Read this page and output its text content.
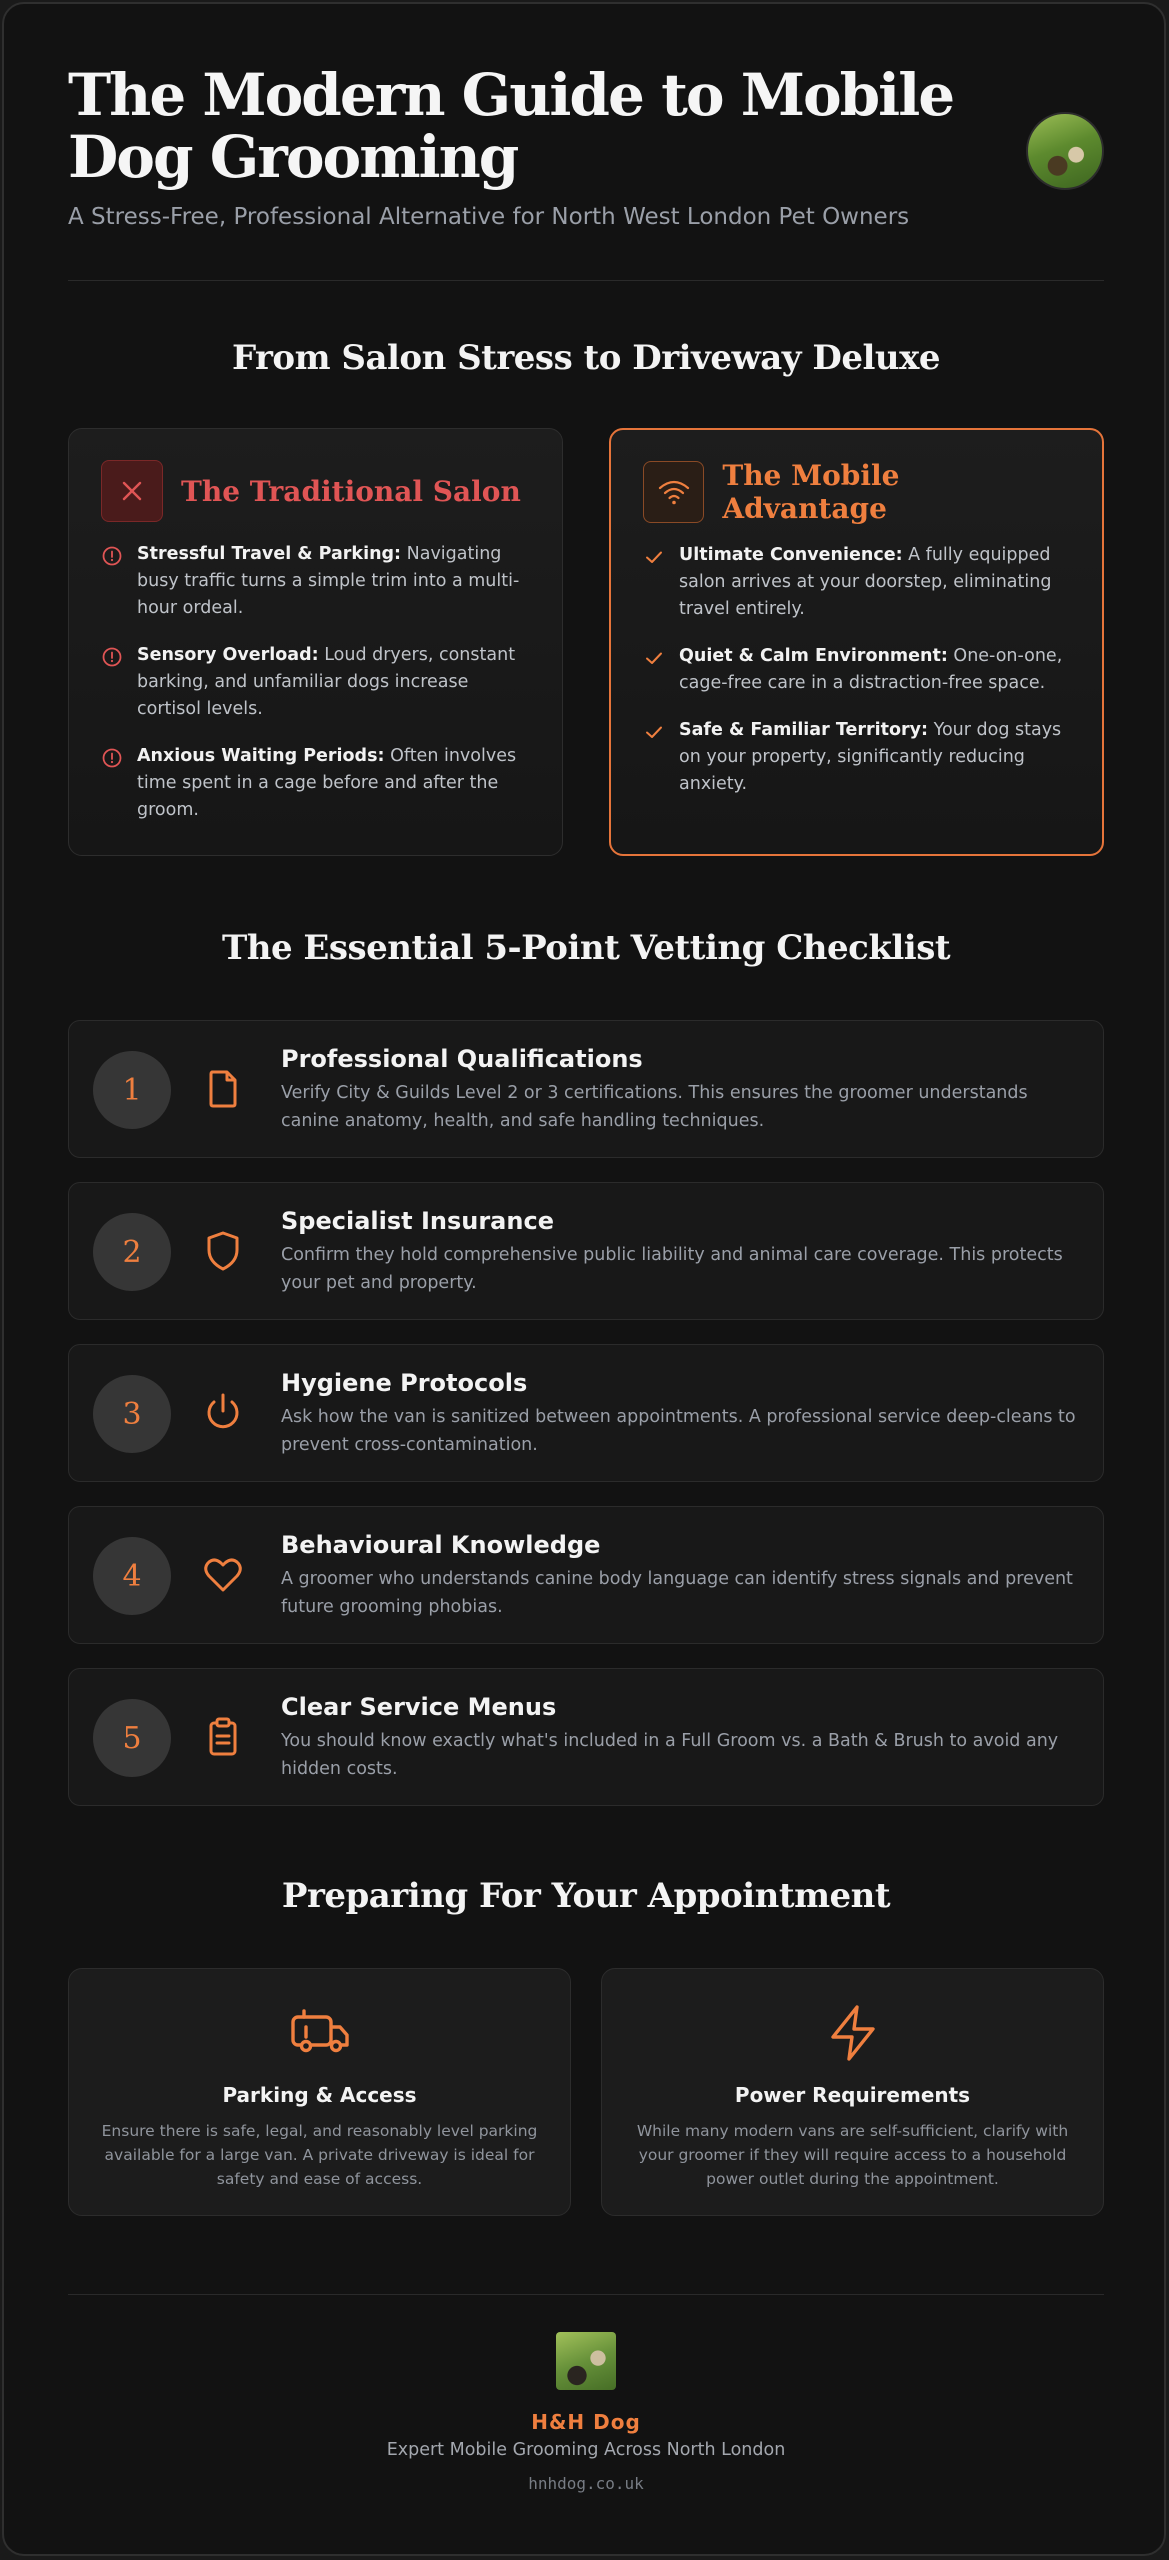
The Modern Guide to Mobile Dog Grooming

A Stress-Free, Professional Alternative for North West London Pet Owners

From Salon Stress to Driveway Deluxe
The Traditional Salon
Stressful Travel & Parking: Navigating busy traffic turns a simple trim into a multi-hour ordeal.
Sensory Overload: Loud dryers, constant barking, and unfamiliar dogs increase cortisol levels.
Anxious Waiting Periods: Often involves time spent in a cage before and after the groom.
The Mobile Advantage
Ultimate Convenience: A fully equipped salon arrives at your doorstep, eliminating travel entirely.
Quiet & Calm Environment: One-on-one, cage-free care in a distraction-free space.
Safe & Familiar Territory: Your dog stays on your property, significantly reducing anxiety.
The Essential 5-Point Vetting Checklist
1
Professional Qualifications
Verify City & Guilds Level 2 or 3 certifications. This ensures the groomer understands canine anatomy, health, and safe handling techniques.
2
Specialist Insurance
Confirm they hold comprehensive public liability and animal care coverage. This protects your pet and property.
3
Hygiene Protocols
Ask how the van is sanitized between appointments. A professional service deep-cleans to prevent cross-contamination.
4
Behavioural Knowledge
A groomer who understands canine body language can identify stress signals and prevent future grooming phobias.
5
Clear Service Menus
You should know exactly what's included in a Full Groom vs. a Bath & Brush to avoid any hidden costs.
Preparing For Your Appointment
Parking & Access
Ensure there is safe, legal, and reasonably level parking available for a large van. A private driveway is ideal for safety and ease of access.
Power Requirements
While many modern vans are self-sufficient, clarify with your groomer if they will require access to a household power outlet during the appointment.
H&H Dog
Expert Mobile Grooming Across North London
hnhdog.co.uk
